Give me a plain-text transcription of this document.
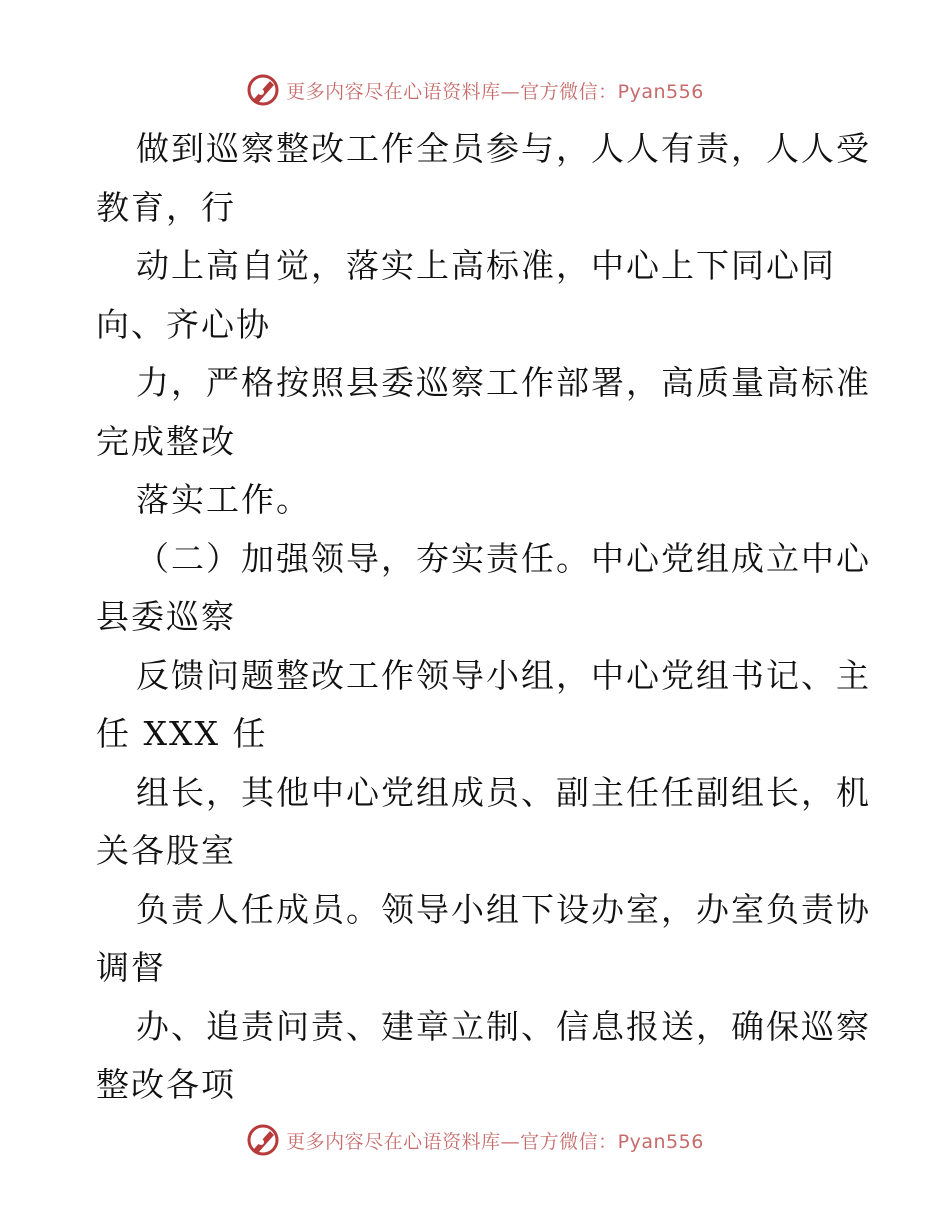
更多内容尽在心语资料库—官方微信：Pyan556
做到巡察整改工作全员参与，人人有责，人人受
教育，行
动上高自觉，落实上高标准，中心上下同心同
向、齐心协
力，严格按照县委巡察工作部署，高质量高标准
完成整改
落实工作。
（二）加强领导，夯实责任。中心党组成立中心
县委巡察
反馈问题整改工作领导小组，中心党组书记、主
任 XXX 任
组长，其他中心党组成员、副主任任副组长，机
关各股室
负责人任成员。领导小组下设办室，办室负责协
调督
办、追责问责、建章立制、信息报送，确保巡察
整改各项
更多内容尽在心语资料库—官方微信：Pyan556
